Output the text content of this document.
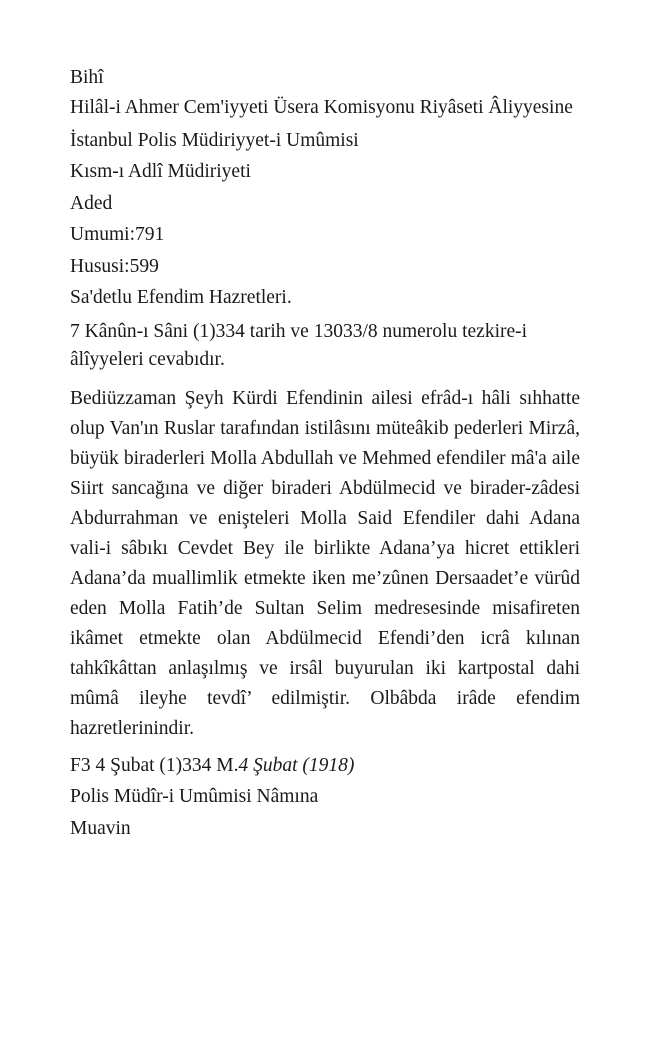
Bihî

Hilâl-i Ahmer Cem'iyyeti Üsera Komisyonu Riyâseti Âliyyesine

İstanbul Polis Müdiriyyet-i Umûmisi

Kısm-ı Adlî Müdiriyeti

Aded

Umumi:791

Hususi:599

Sa'detlu Efendim Hazretleri.

7 Kânûn-ı Sâni (1)334 tarih ve 13033/8 numerolu tezkire-i âlîyyeleri cevabıdır.

Bediüzzaman Şeyh Kürdi Efendinin ailesi efrâd-ı hâli sıhhatte olup Van'ın Ruslar tarafından istilâsını müteâkib pederleri Mirzâ, büyük biraderleri Molla Abdullah ve Mehmed efendiler mâ'a aile Siirt sancağına ve diğer biraderi Abdülmecid ve birader-zâdesi Abdurrahman ve enişteleri Molla Said Efendiler dahi Adana vali-i sâbıkı Cevdet Bey ile birlikte Adana’ya hicret ettikleri Adana’da muallimlik etmekte iken me’zûnen Dersaadet’e vürûd eden Molla Fatih’de Sultan Selim medresesinde misafireten ikâmet etmekte olan Abdülmecid Efendi’den icrâ kılınan tahkîkâttan anlaşılmış ve irsâl buyurulan iki kartpostal dahi mûmâ ileyhe tevdî’ edilmiştir. Olbâbda irâde efendim hazretlerinindir.

F3 4 Şubat (1)334 M.4 Şubat (1918)

Polis Müdîr-i Umûmisi Nâmına

Muavin
